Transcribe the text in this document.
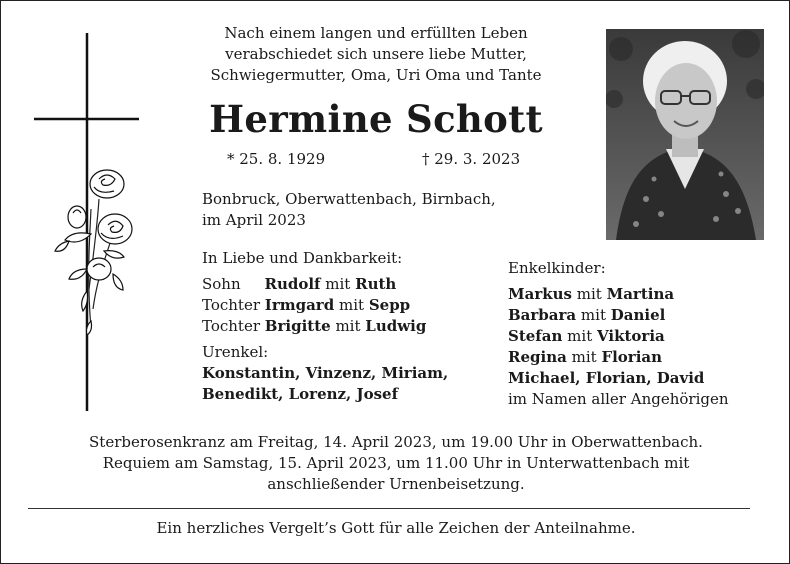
Nach einem langen und erfüllten Leben
verabschiedet sich unsere liebe Mutter,
Schwiegermutter, Oma, Uri Oma und Tante
Hermine Schott
* 25. 8. 1929	† 29. 3. 2023
Bonbruck, Oberwattenbach, Birnbach,
im April 2023
In Liebe und Dankbarkeit:
Sohn Rudolf mit Ruth
Tochter Irmgard mit Sepp
Tochter Brigitte mit Ludwig
Urenkel:
Konstantin, Vinzenz, Miriam,
Benedikt, Lorenz, Josef
Enkelkinder:
Markus mit Martina
Barbara mit Daniel
Stefan mit Viktoria
Regina mit Florian
Michael, Florian, David
im Namen aller Angehörigen
Sterberosenkranz am Freitag, 14. April 2023, um 19.00 Uhr in Oberwattenbach.
Requiem am Samstag, 15. April 2023, um 11.00 Uhr in Unterwattenbach mit
anschließender Urnenbeisetzung.
Ein herzliches Vergelt’s Gott für alle Zeichen der Anteilnahme.
